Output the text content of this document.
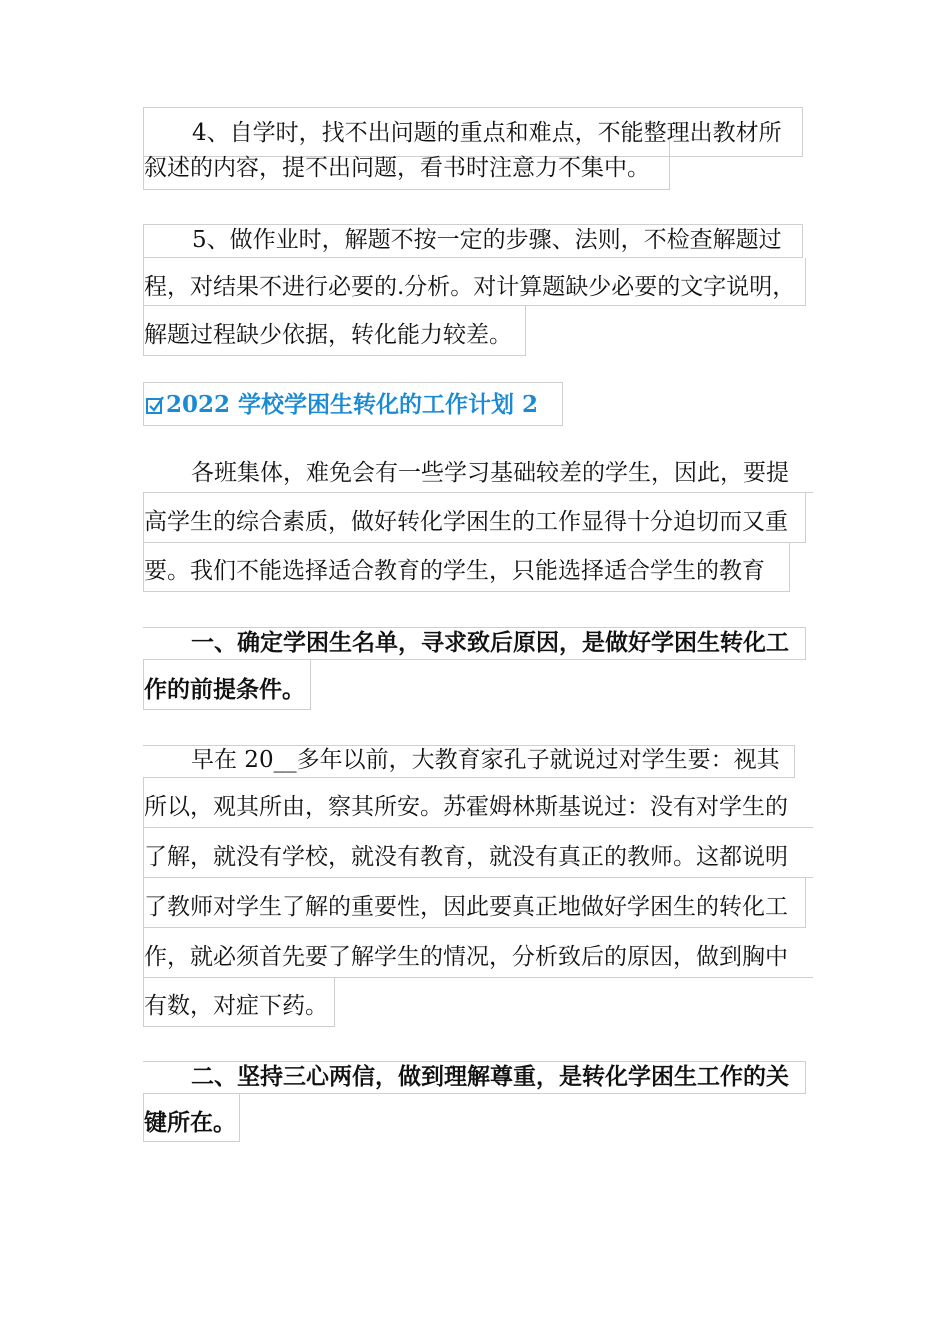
4、自学时，找不出问题的重点和难点，不能整理出教材所
叙述的内容，提不出问题，看书时注意力不集中。
5、做作业时，解题不按一定的步骤、法则，不检查解题过
程，对结果不进行必要的.分析。对计算题缺少必要的文字说明，
解题过程缺少依据，转化能力较差。
2022 学校学困生转化的工作计划 2
各班集体，难免会有一些学习基础较差的学生，因此，要提
高学生的综合素质，做好转化学困生的工作显得十分迫切而又重
要。我们不能选择适合教育的学生，只能选择适合学生的教育
一、确定学困生名单，寻求致后原因，是做好学困生转化工
作的前提条件。
早在 20__多年以前，大教育家孔子就说过对学生要：视其
所以，观其所由，察其所安。苏霍姆林斯基说过：没有对学生的
了解，就没有学校，就没有教育，就没有真正的教师。这都说明
了教师对学生了解的重要性，因此要真正地做好学困生的转化工
作，就必须首先要了解学生的情况，分析致后的原因，做到胸中
有数，对症下药。
二、坚持三心两信，做到理解尊重，是转化学困生工作的关
键所在。
